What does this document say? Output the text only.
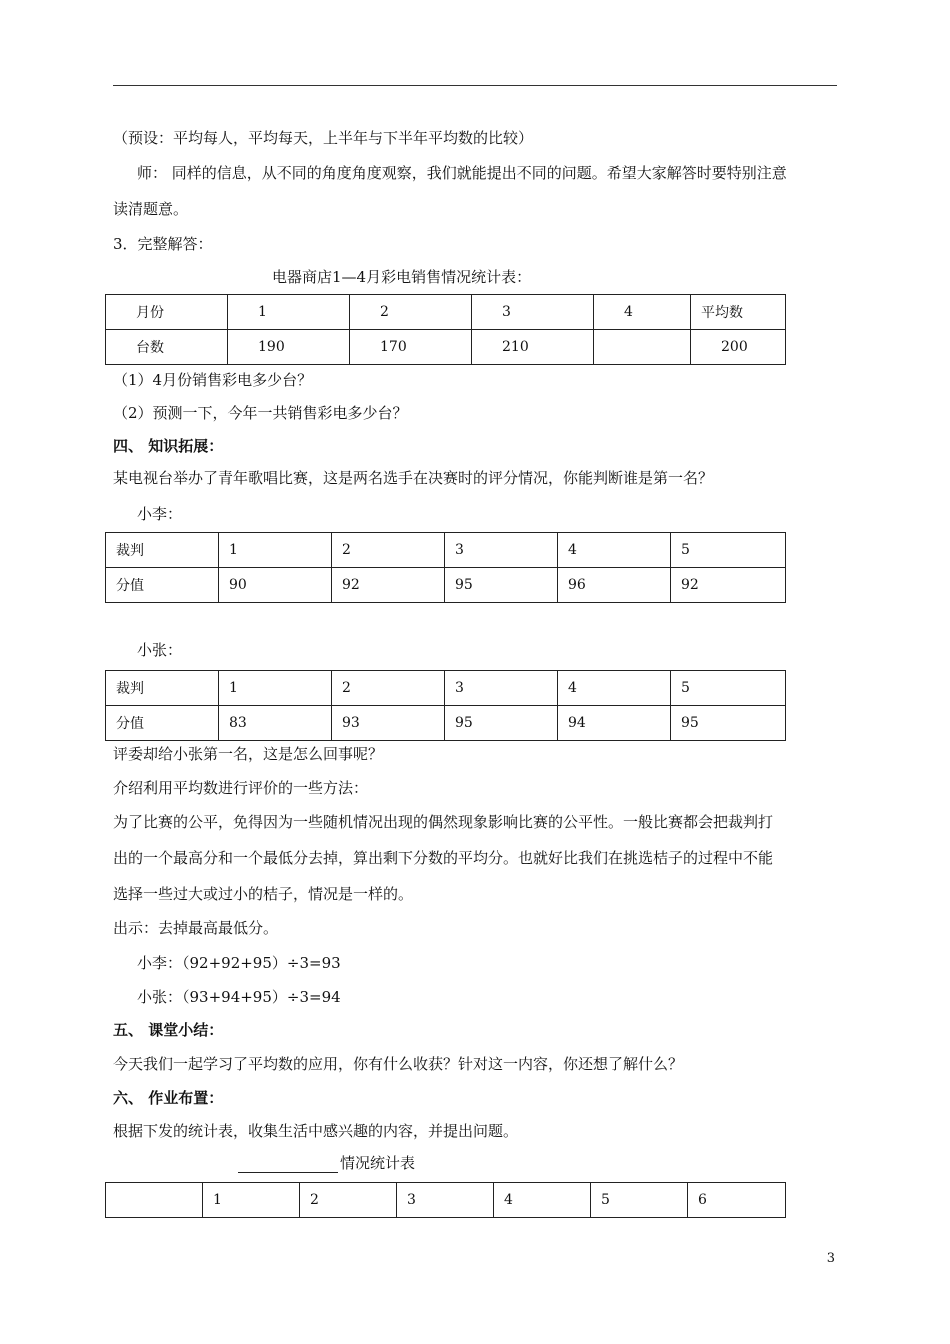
（预设：平均每人，平均每天，上半年与下半年平均数的比较）
师： 同样的信息，从不同的角度角度观察，我们就能提出不同的问题。希望大家解答时要特别注意
读清题意。
3．完整解答：
电器商店1—4月彩电销售情况统计表：
月份	1	2	3	4	平均数
台数	190	170	210		200
（1）4月份销售彩电多少台？
（2）预测一下，今年一共销售彩电多少台？
四、 知识拓展：
某电视台举办了青年歌唱比赛，这是两名选手在决赛时的评分情况，你能判断谁是第一名？
小李：
裁判	1	2	3	4	5
分值	90	92	95	96	92
小张：
裁判	1	2	3	4	5
分值	83	93	95	94	95
评委却给小张第一名，这是怎么回事呢？
介绍利用平均数进行评价的一些方法：
为了比赛的公平，免得因为一些随机情况出现的偶然现象影响比赛的公平性。一般比赛都会把裁判打
出的一个最高分和一个最低分去掉，算出剩下分数的平均分。也就好比我们在挑选桔子的过程中不能
选择一些过大或过小的桔子，情况是一样的。
出示：去掉最高最低分。
小李：（92+92+95）÷3=93
小张：（93+94+95）÷3=94
五、 课堂小结：
今天我们一起学习了平均数的应用，你有什么收获？针对这一内容，你还想了解什么？
六、 作业布置：
根据下发的统计表，收集生活中感兴趣的内容，并提出问题。
情况统计表
	1	2	3	4	5	6
3
